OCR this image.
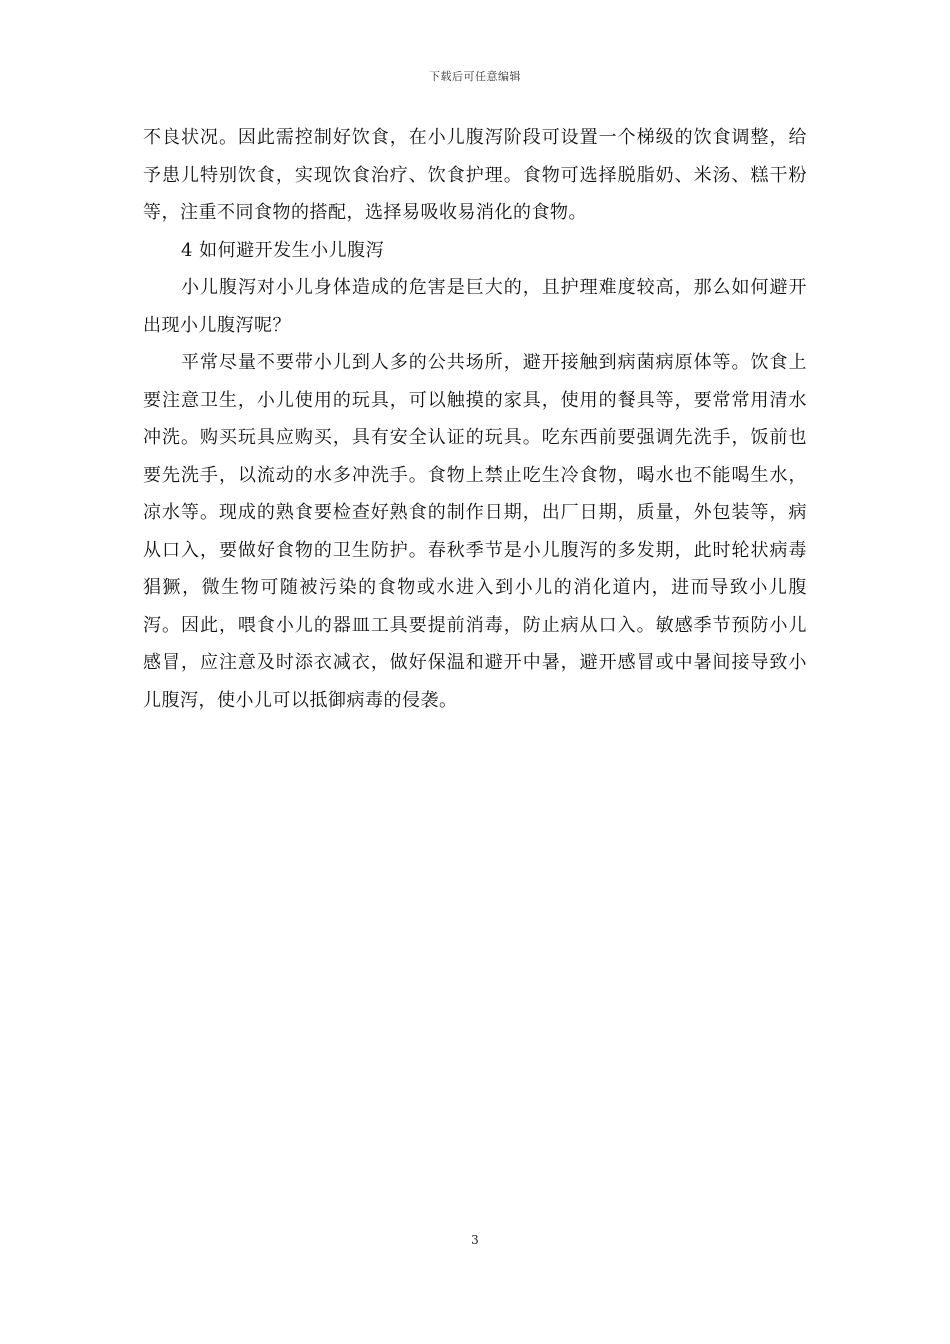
下载后可任意编辑

不良状况。因此需控制好饮食，在小儿腹泻阶段可设置一个梯级的饮食调整，给予患儿特别饮食，实现饮食治疗、饮食护理。食物可选择脱脂奶、米汤、糕干粉等，注重不同食物的搭配，选择易吸收易消化的食物。

4 如何避开发生小儿腹泻

小儿腹泻对小儿身体造成的危害是巨大的，且护理难度较高，那么如何避开出现小儿腹泻呢？

平常尽量不要带小儿到人多的公共场所，避开接触到病菌病原体等。饮食上要注意卫生，小儿使用的玩具，可以触摸的家具，使用的餐具等，要常常用清水冲洗。购买玩具应购买，具有安全认证的玩具。吃东西前要强调先洗手，饭前也要先洗手，以流动的水多冲洗手。食物上禁止吃生冷食物，喝水也不能喝生水，凉水等。现成的熟食要检查好熟食的制作日期，出厂日期，质量，外包装等，病从口入，要做好食物的卫生防护。春秋季节是小儿腹泻的多发期，此时轮状病毒猖獗，微生物可随被污染的食物或水进入到小儿的消化道内，进而导致小儿腹泻。因此，喂食小儿的器皿工具要提前消毒，防止病从口入。敏感季节预防小儿感冒，应注意及时添衣减衣，做好保温和避开中暑，避开感冒或中暑间接导致小儿腹泻，使小儿可以抵御病毒的侵袭。

3
